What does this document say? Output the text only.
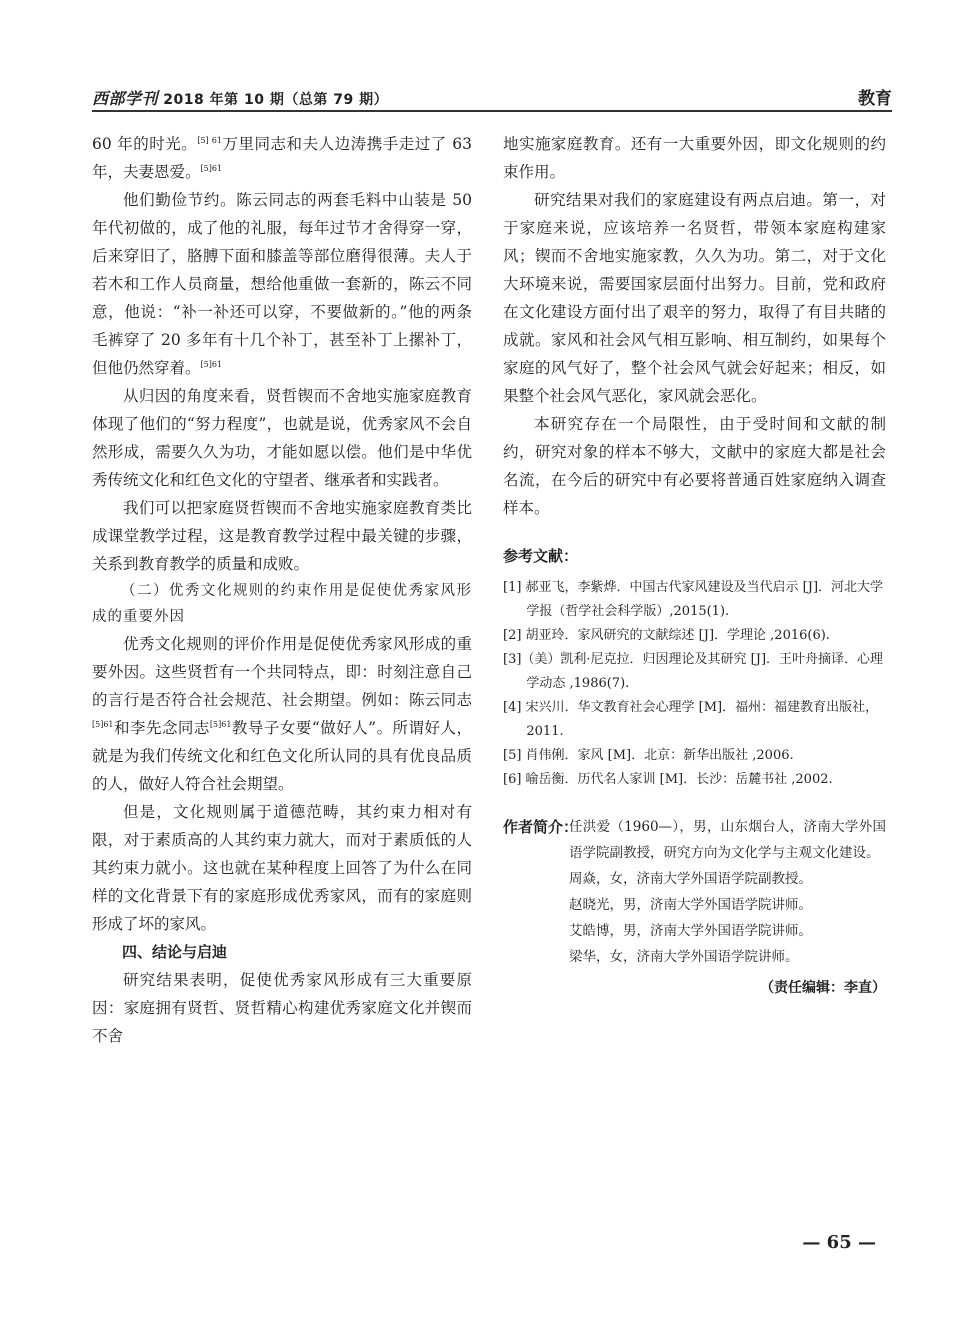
西部学刊 2018 年第 10 期（总第 79 期）	教育

60 年的时光。$^{[5] 61}$万里同志和夫人边涛携手走过了 63 年，夫妻恩爱。$^{[5]61}$

他们勤俭节约。陈云同志的两套毛料中山装是 50 年代初做的，成了他的礼服，每年过节才舍得穿一穿，后来穿旧了，胳膊下面和膝盖等部位磨得很薄。夫人于若木和工作人员商量，想给他重做一套新的，陈云不同意，他说：“补一补还可以穿，不要做新的。”他的两条毛裤穿了 20 多年有十几个补丁，甚至补丁上摞补丁，但他仍然穿着。$^{[5]61}$

从归因的角度来看，贤哲锲而不舍地实施家庭教育体现了他们的“努力程度”，也就是说，优秀家风不会自然形成，需要久久为功，才能如愿以偿。他们是中华优秀传统文化和红色文化的守望者、继承者和实践者。

我们可以把家庭贤哲锲而不舍地实施家庭教育类比成课堂教学过程，这是教育教学过程中最关键的步骤，关系到教育教学的质量和成败。

（二）优秀文化规则的约束作用是促使优秀家风形成的重要外因

优秀文化规则的评价作用是促使优秀家风形成的重要外因。这些贤哲有一个共同特点，即：时刻注意自己的言行是否符合社会规范、社会期望。例如：陈云同志$^{[5]61}$和李先念同志$^{[5]61}$教导子女要“做好人”。所谓好人，就是为我们传统文化和红色文化所认同的具有优良品质的人，做好人符合社会期望。

但是，文化规则属于道德范畴，其约束力相对有限，对于素质高的人其约束力就大，而对于素质低的人其约束力就小。这也就在某种程度上回答了为什么在同样的文化背景下有的家庭形成优秀家风，而有的家庭则形成了坏的家风。

四、结论与启迪

研究结果表明，促使优秀家风形成有三大重要原因：家庭拥有贤哲、贤哲精心构建优秀家庭文化并锲而不舍

地实施家庭教育。还有一大重要外因，即文化规则的约束作用。

研究结果对我们的家庭建设有两点启迪。第一，对于家庭来说，应该培养一名贤哲，带领本家庭构建家风；锲而不舍地实施家教，久久为功。第二，对于文化大环境来说，需要国家层面付出努力。目前，党和政府在文化建设方面付出了艰辛的努力，取得了有目共睹的成就。家风和社会风气相互影响、相互制约，如果每个家庭的风气好了，整个社会风气就会好起来；相反，如果整个社会风气恶化，家风就会恶化。

本研究存在一个局限性，由于受时间和文献的制约，研究对象的样本不够大，文献中的家庭大都是社会名流，在今后的研究中有必要将普通百姓家庭纳入调查样本。

参考文献：
[1] 郝亚飞，李紫烨．中国古代家风建设及当代启示 [J]．河北大学学报（哲学社会科学版）,2015(1).
[2] 胡亚玲．家风研究的文献综述 [J]．学理论 ,2016(6).
[3]（美）凯利·尼克拉．归因理论及其研究 [J]．王叶舟摘译．心理学动态 ,1986(7).
[4] 宋兴川．华文教育社会心理学 [M]．福州：福建教育出版社，2011.
[5] 肖伟俐．家风 [M]．北京：新华出版社 ,2006.
[6] 喻岳衡．历代名人家训 [M]．长沙：岳麓书社 ,2002.
作者简介：
任洪爱（1960—），男，山东烟台人，济南大学外国语学院副教授，研究方向为文化学与主观文化建设。
周焱，女，济南大学外国语学院副教授。
赵晓光，男，济南大学外国语学院讲师。
艾皓博，男，济南大学外国语学院讲师。
梁华，女，济南大学外国语学院讲师。
（责任编辑：李直）
— 65 —
